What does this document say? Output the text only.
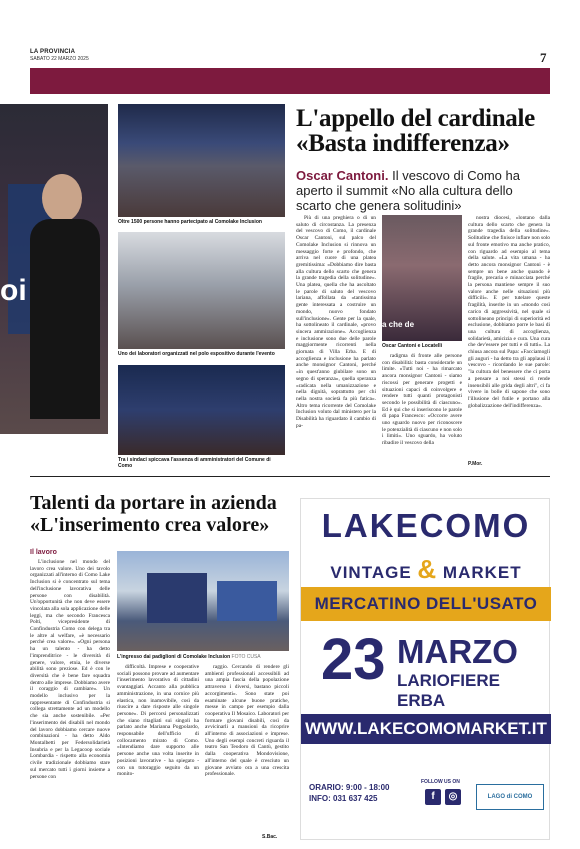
LA PROVINCIA
SABATO 22 MARZO 2025	7
oi
Oltre 1500 persone hanno partecipato al Comolake Inclusion
Uno dei laboratori organizzati nel polo espositivo durante l'evento
Tra i sindaci spiccava l'assenza di amministratori del Comune di Como
L'appello del cardinale
«Basta indifferenza»
Oscar Cantoni. Il vescovo di Como ha aperto il summit «No alla cultura dello scarto che genera solitudini»

Più di una preghiera o di un saluto di circostanza. La presenza del vescovo di Como, il cardinale Oscar Cantoni, sul palco del Comolake Inclusion si rinnova un messaggio forte e profondo, che arriva nel cuore di una platea gremitissima: «Dobbiamo dire basta alla cultura dello scarto che genera la grande tragedia della solitudine». Una platea, quella che ha ascoltato le parole di saluto del vescovo lariana, affollata da «tantissima gente interessata a costruire un mondo, nuovo fondato sull'inclusione». Gente per la quale, ha sottolineato il cardinale, «provo sincera ammirazione». Accoglienza e inclusione sono due delle parole maggiormente ricorrenti nella giornata di Villa Erba. E di accoglienza e inclusione ha parlato anche monsignor Cantoni, perché «in quest'anno giubilare sono un segno di speranza», quella speranza «radicata nella umanizzazione e nella dignità, soprattutto per chi nella nostra società fa più fatica». Altro tema ricorrente del Comolake Inclusion voluto dal ministero per la Disabilità ha riguardato il cambio di pa-

a che de
Oscar Cantoni e Locatelli

radigma di fronte alle persone con disabilità: basta considerarle un limite. «Tutti noi - ha rimarcato ancora monsignor Cantoni - siamo riscossi per generare progetti e situazioni capaci di coinvolgere e rendere tutti quanti protagonisti secondo le possibilità di ciascuno». Ed è qui che si inseriscono le parole di papa Francesco: «Occorre avere uno sguardo nuovo per riconoscere le potenzialità di ciascuno e non solo i limiti». Uno sguardo, ha voluto ribadire il vescovo della

nostra diocesi, «lontano dalla cultura dello scarto che genera la grande tragedia della solitudine». Solitudine che finisce inflare non solo sul fronte emotivo ma anche pratico, con riguardo ad esempio al tema della salute. «La vita umana - ha detto ancora monsignor Cantoni - è sempre un bene anche quando è fragile, precaria e minacciata perché la persona mantiene sempre il suo valore anche nelle situazioni più difficili». E per tutelare queste fragilità, inserite in un «mondo così carico di aggressività, nel quale si sottolineano principi di superiorità ed esclusione, dobbiamo porre le basi di una cultura di accoglienza, solidarietà, amicizia e cura. Una cura che dev'essere per tutti e di tutti». La chiusa ancora sul Papa: «Facciamogli gli auguri - ha detto tra gli applausi il vescovo - ricordando le sue parole: "la cultura del benessere che ci porta a pensare a noi stessi ci rende insensibili alle grida degli altri", ci fa vivere in bolle di sapone che sono l'illusione del futile e portano alla globalizzazione dell'indifferenza».

P.Mor.
Talenti da portare in azienda
«L'inserimento crea valore»
Il lavoro

L'inclusione nel mondo del lavoro crea valore. Uno dei tavolo organizzati all'interno di Como Lake Inclusion si è concentrato sul tema dell'inclusione lavorativa delle persone con disabilità. Un'opportunità che non deve essere vincolata alla sola applicazione delle leggi, ma che secondo Francesca Polti, vicepresidente di Confindustria Como con delega tra le altre al welfare, «è necessario perché crea valore». «Ogni persona ha un talento - ha detto l'imprenditrice - le diversità di genere, valore, etnia, le diverse abilità sono preziose. Ed è con le diversità che è bene fare squadra dentro alle imprese. Dobbiamo avere il coraggio di cambiare». Un modello inclusivo per la rappresentante di Confindustria si collega strettamente ad un modello che sia anche sostenibile. «Per l'inserimento dei disabili nel mondo del lavoro dobbiamo cercare nuove combinazioni - ha detto Aldo Montalbetti per Federsolidarietà Insubria e per la Legacoop sociale Lombardia - rispetto alla economia civile tradizionale dobbiamo stare sul mercato tutti i giorni insieme a persone con

L'ingresso dai padiglioni di Comolake Inclusion FOTO CUSA

difficoltà. Imprese e cooperative sociali possono provare ad aumentare l'inserimento lavorativo di cittadini svantaggiati. Accanto alla pubblica amministrazione, in una cornice più elastica, non inamovibile, così da riuscire a dare risposte alle singole persone». Di percorsi personalizzati che siano ritagliati sui singoli ha parlato anche Marianna Pogpolardo, responsabile dell'ufficio di collocamento mirato di Como. «Intendiamo dare supporto alle persone anche una volta inserite in posizioni lavorative - ha spiegato - con un tutoraggio seguito da un monito-

raggio. Cercando di rendere gli ambienti professionali accessibili ad una ampia fascia della popolazione attraverso i diversi, bastano piccoli accorgimenti». Sono state poi esaminate alcune buone pratiche, messe in campo per esempio dalla cooperativa Il Mosaico. Laboratori per formare giovani disabili, così da avvicinarli a mansioni da ricoprire all'interno di associazioni e imprese. Uno degli esempi concreti riguarda il teatro San Teodoro di Cantù, gestito dalla cooperativa Mondovisione, all'interno del quale è cresciuto un giovane avviato ora a una crescita professionale.

S.Bac.
LAKECOMO
VINTAGE & MARKET
MERCATINO DELL'USATO
23 MARZO
LARIOFIERE ERBA
WWW.LAKECOMOMARKET.IT
ORARIO: 9:00 - 18:00
INFO: 031 637 425
FOLLOW US ON
f	◎	LAGO di COMO
